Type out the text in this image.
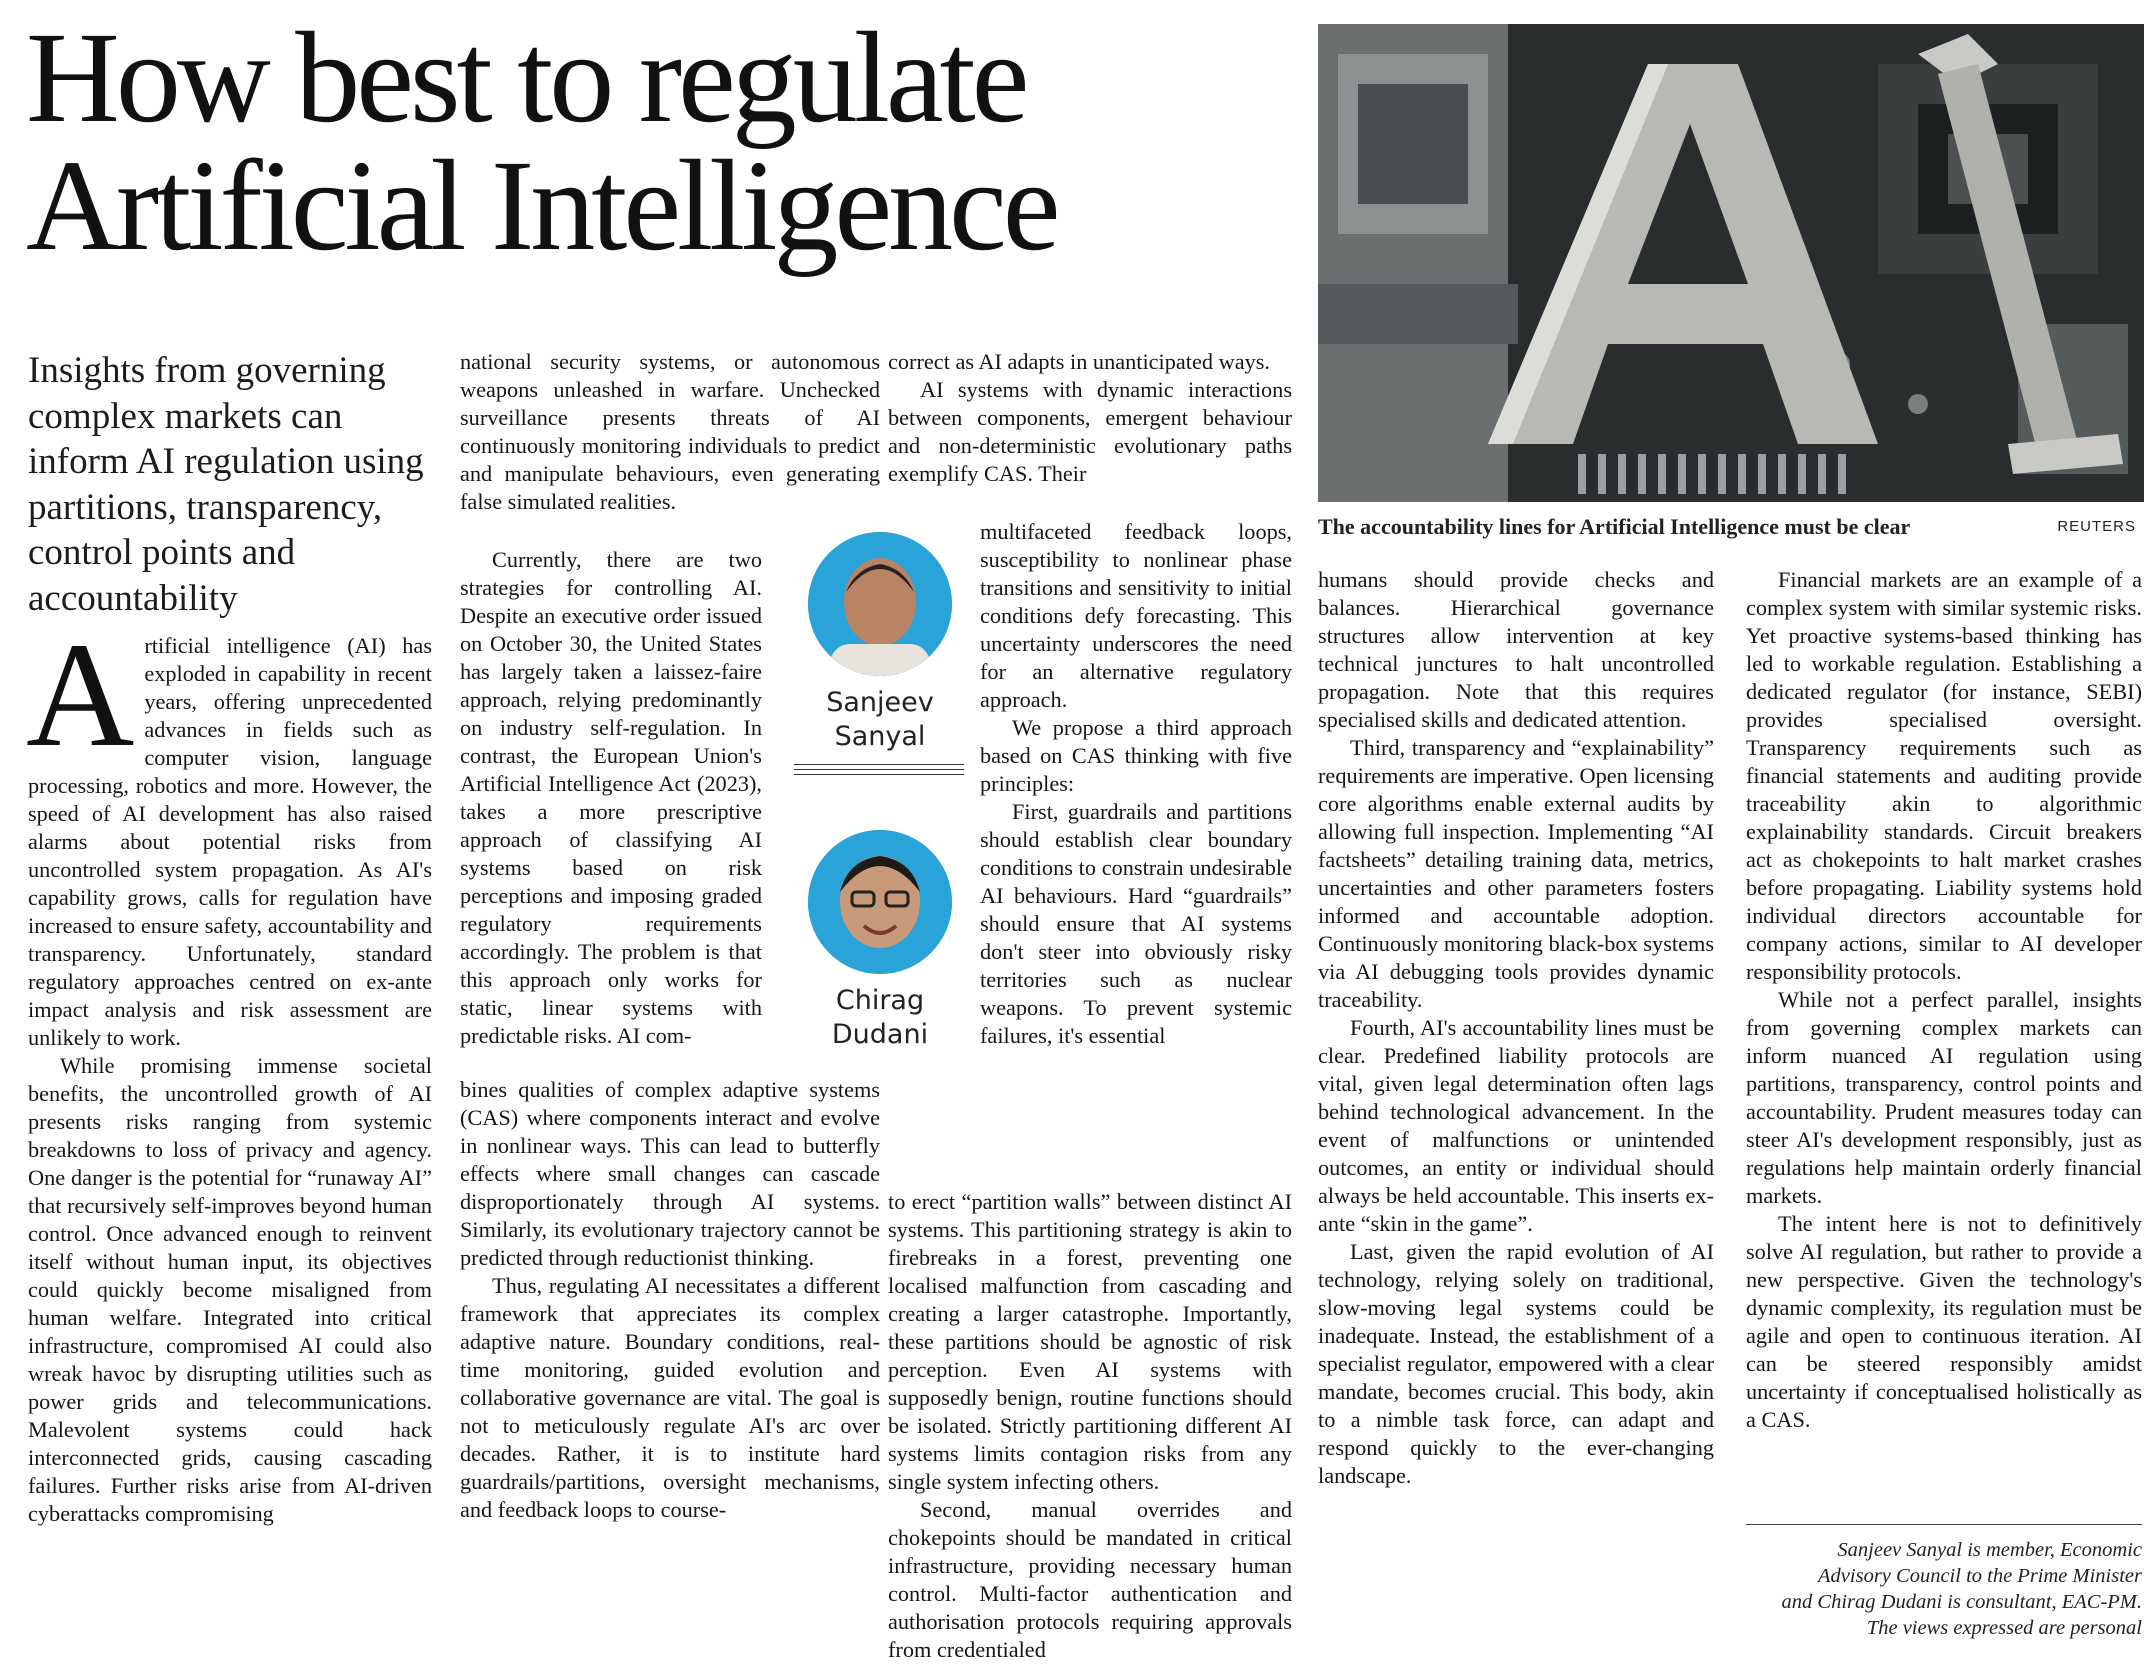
How best to regulate
Artificial Intelligence
The accountability lines for Artificial Intelligence must be clear	REUTERS
Insights from governing complex markets can inform AI regulation using partitions, transparency, control points and accountability

Artificial intelligence (AI) has exploded in capability in recent years, offering unprecedented advances in fields such as computer vision, language processing, robotics and more. However, the speed of AI development has also raised alarms about potential risks from uncontrolled system propagation. As AI's capability grows, calls for regulation have increased to ensure safety, accountability and transparency. Unfortunately, standard regulatory approaches centred on ex-ante impact analysis and risk assessment are unlikely to work.

While promising immense societal benefits, the uncontrolled growth of AI presents risks ranging from systemic breakdowns to loss of privacy and agency. One danger is the potential for “runaway AI” that recursively self-improves beyond human control. Once advanced enough to reinvent itself without human input, its objectives could quickly become misaligned from human welfare. Integrated into critical infrastructure, compromised AI could also wreak havoc by disrupting utilities such as power grids and telecommunications. Malevolent systems could hack interconnected grids, causing cascading failures. Further risks arise from AI-driven cyberattacks compromising

national security systems, or autonomous weapons unleashed in warfare. Unchecked surveillance presents threats of AI continuously monitoring individuals to predict and manipulate behaviours, even generating false simulated realities.

Currently, there are two strategies for controlling AI. Despite an executive order issued on October 30, the United States has largely taken a laissez-faire approach, relying predominantly on industry self-regulation. In contrast, the European Union's Artificial Intelligence Act (2023), takes a more prescriptive approach of classifying AI systems based on risk perceptions and imposing graded regulatory requirements accordingly. The problem is that this approach only works for static, linear systems with predictable risks. AI com-

bines qualities of complex adaptive systems (CAS) where components interact and evolve in nonlinear ways. This can lead to butterfly effects where small changes can cascade disproportionately through AI systems. Similarly, its evolutionary trajectory cannot be predicted through reductionist thinking.

Thus, regulating AI necessitates a different framework that appreciates its complex adaptive nature. Boundary conditions, real-time monitoring, guided evolution and collaborative governance are vital. The goal is not to meticulously regulate AI's arc over decades. Rather, it is to institute hard guardrails/partitions, oversight mechanisms, and feedback loops to course-

Sanjeev
Sanyal
Chirag
Dudani

correct as AI adapts in unanticipated ways.

AI systems with dynamic interactions between components, emergent behaviour and non-deterministic evolutionary paths exemplify CAS. Their

multifaceted feedback loops, susceptibility to nonlinear phase transitions and sensitivity to initial conditions defy forecasting. This uncertainty underscores the need for an alternative regulatory approach.

We propose a third approach based on CAS thinking with five principles:

First, guardrails and partitions should establish clear boundary conditions to constrain undesirable AI behaviours. Hard “guardrails” should ensure that AI systems don't steer into obviously risky territories such as nuclear weapons. To prevent systemic failures, it's essential

to erect “partition walls” between distinct AI systems. This partitioning strategy is akin to firebreaks in a forest, preventing one localised malfunction from cascading and creating a larger catastrophe. Importantly, these partitions should be agnostic of risk perception. Even AI systems with supposedly benign, routine functions should be isolated. Strictly partitioning different AI systems limits contagion risks from any single system infecting others.

Second, manual overrides and chokepoints should be mandated in critical infrastructure, providing necessary human control. Multi-factor authentication and authorisation protocols requiring approvals from credentialed

humans should provide checks and balances. Hierarchical governance structures allow intervention at key technical junctures to halt uncontrolled propagation. Note that this requires specialised skills and dedicated attention.

Third, transparency and “explainability” requirements are imperative. Open licensing core algorithms enable external audits by allowing full inspection. Implementing “AI factsheets” detailing training data, metrics, uncertainties and other parameters fosters informed and accountable adoption. Continuously monitoring black-box systems via AI debugging tools provides dynamic traceability.

Fourth, AI's accountability lines must be clear. Predefined liability protocols are vital, given legal determination often lags behind technological advancement. In the event of malfunctions or unintended outcomes, an entity or individual should always be held accountable. This inserts ex-ante “skin in the game”.

Last, given the rapid evolution of AI technology, relying solely on traditional, slow-moving legal systems could be inadequate. Instead, the establishment of a specialist regulator, empowered with a clear mandate, becomes crucial. This body, akin to a nimble task force, can adapt and respond quickly to the ever-changing landscape.

Financial markets are an example of a complex system with similar systemic risks. Yet proactive systems-based thinking has led to workable regulation. Establishing a dedicated regulator (for instance, SEBI) provides specialised oversight. Transparency requirements such as financial statements and auditing provide traceability akin to algorithmic explainability standards. Circuit breakers act as chokepoints to halt market crashes before propagating. Liability systems hold individual directors accountable for company actions, similar to AI developer responsibility protocols.

While not a perfect parallel, insights from governing complex markets can inform nuanced AI regulation using partitions, transparency, control points and accountability. Prudent measures today can steer AI's development responsibly, just as regulations help maintain orderly financial markets.

The intent here is not to definitively solve AI regulation, but rather to provide a new perspective. Given the technology's dynamic complexity, its regulation must be agile and open to continuous iteration. AI can be steered responsibly amidst uncertainty if conceptualised holistically as a CAS.

Sanjeev Sanyal is member, Economic
Advisory Council to the Prime Minister
and Chirag Dudani is consultant, EAC-PM.
The views expressed are personal
